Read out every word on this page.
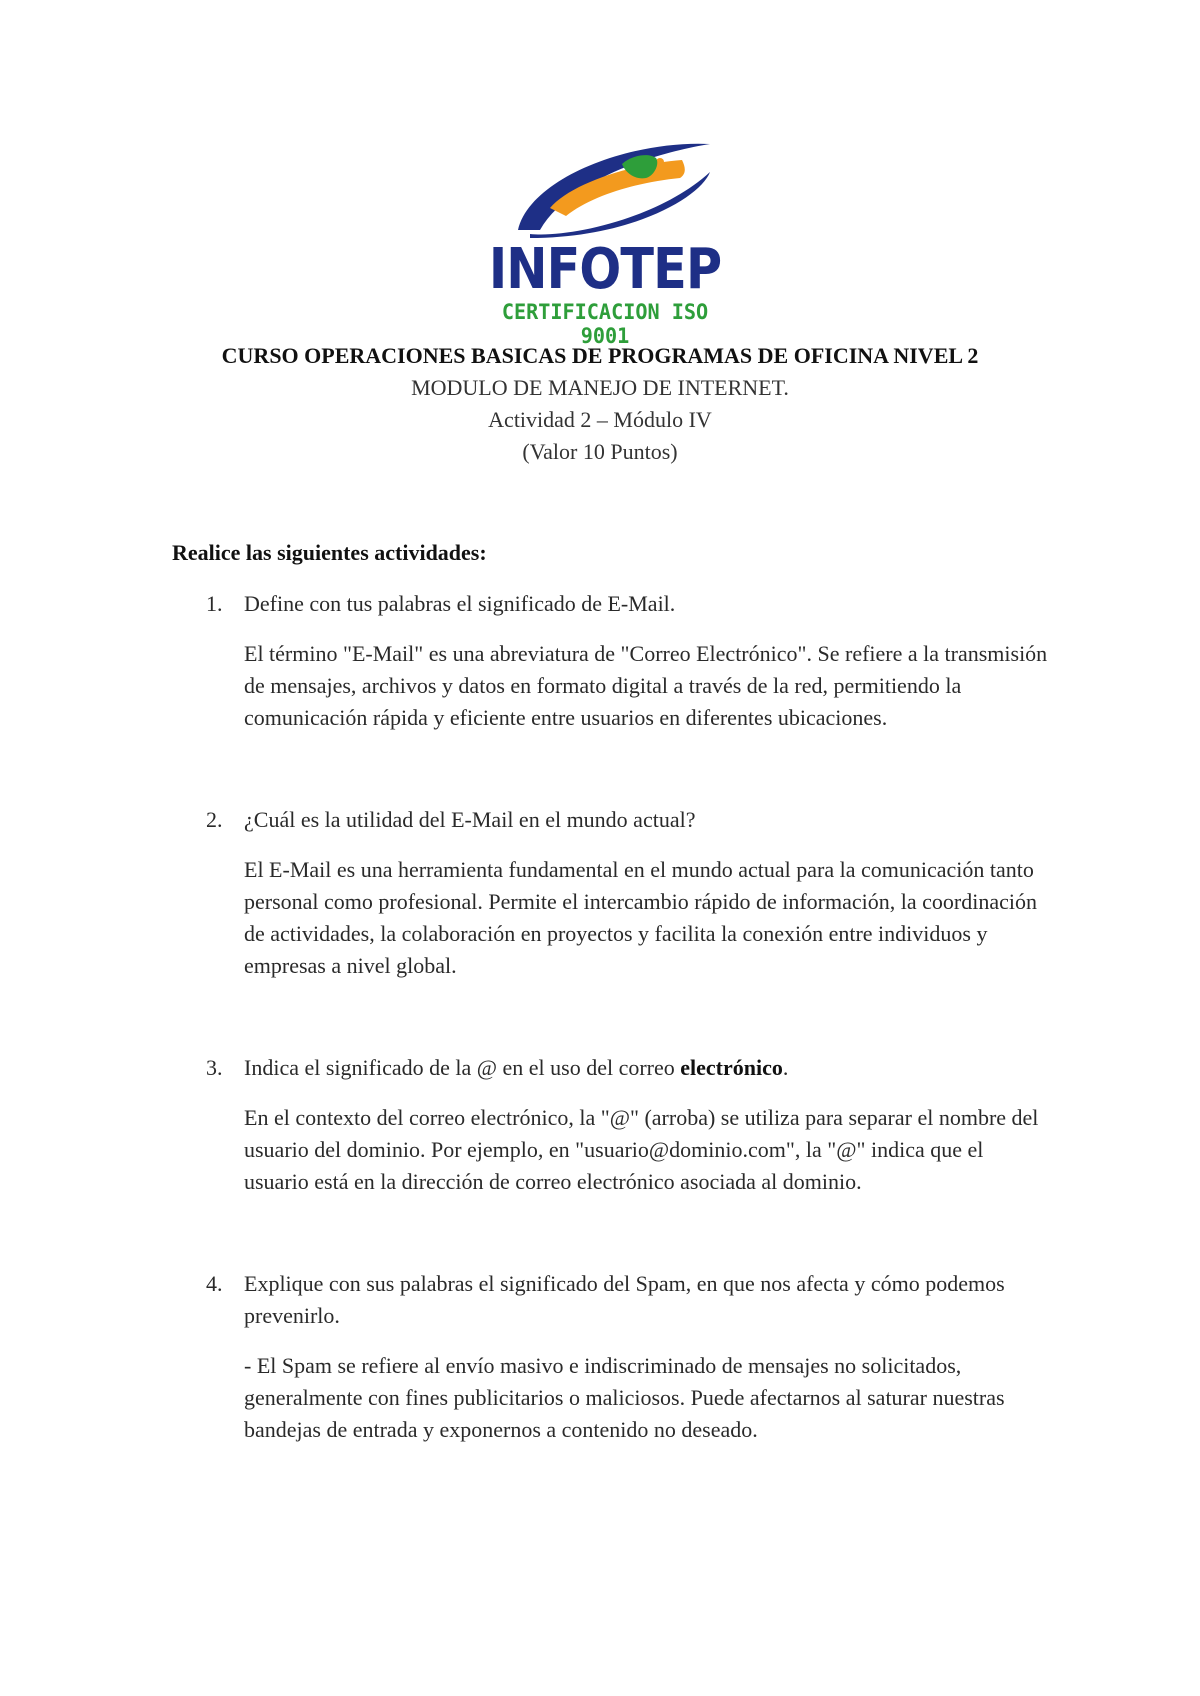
INFOTEP
CERTIFICACION ISO 9001
CURSO OPERACIONES BASICAS DE PROGRAMAS DE OFICINA NIVEL 2
MODULO DE MANEJO DE INTERNET.
Actividad 2 – Módulo IV
(Valor 10 Puntos)
Realice las siguientes actividades:
1. Define con tus palabras el significado de E-Mail.

El término "E-Mail" es una abreviatura de "Correo Electrónico". Se refiere a la transmisión de mensajes, archivos y datos en formato digital a través de la red, permitiendo la comunicación rápida y eficiente entre usuarios en diferentes ubicaciones.

2. ¿Cuál es la utilidad del E-Mail en el mundo actual?

El E-Mail es una herramienta fundamental en el mundo actual para la comunicación tanto personal como profesional. Permite el intercambio rápido de información, la coordinación de actividades, la colaboración en proyectos y facilita la conexión entre individuos y empresas a nivel global.

3. Indica el significado de la @ en el uso del correo electrónico.

En el contexto del correo electrónico, la "@" (arroba) se utiliza para separar el nombre del usuario del dominio. Por ejemplo, en "usuario@dominio.com", la "@" indica que el usuario está en la dirección de correo electrónico asociada al dominio.

4. Explique con sus palabras el significado del Spam, en que nos afecta y cómo podemos prevenirlo.

- El Spam se refiere al envío masivo e indiscriminado de mensajes no solicitados, generalmente con fines publicitarios o maliciosos. Puede afectarnos al saturar nuestras bandejas de entrada y exponernos a contenido no deseado.
